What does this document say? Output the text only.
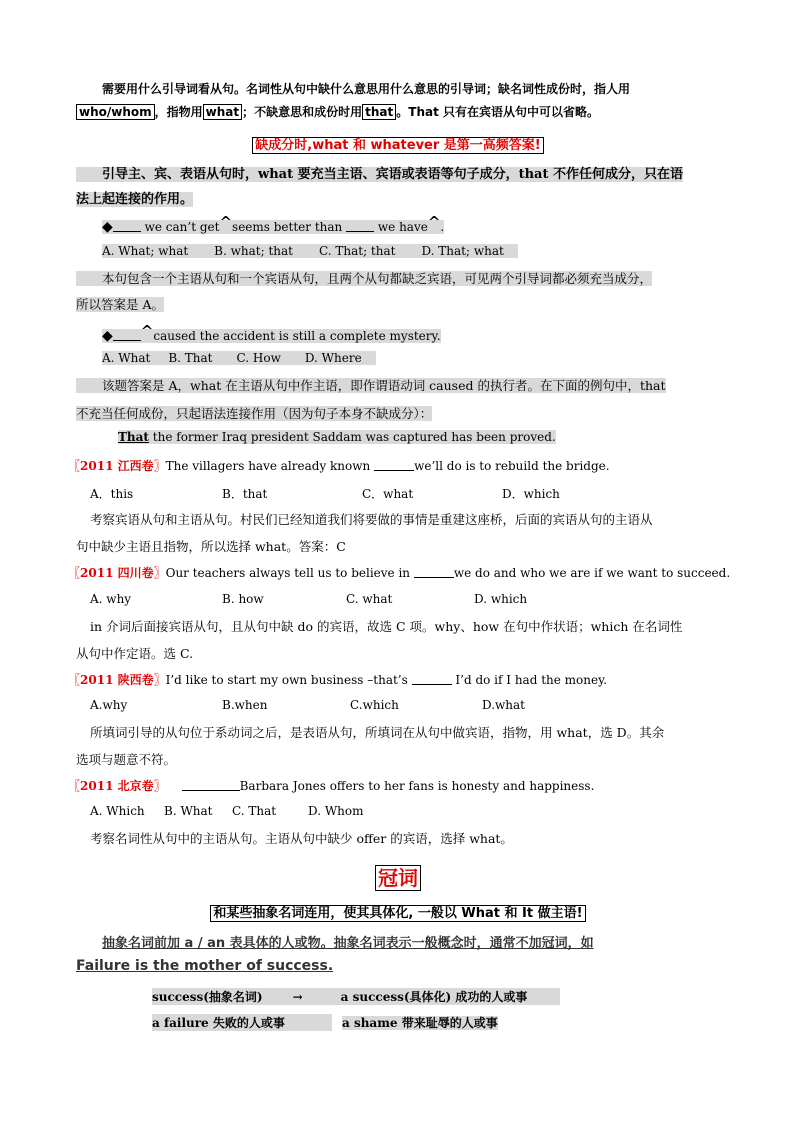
需要用什么引导词看从句。名词性从句中缺什么意思用什么意思的引导词；缺名词性成份时，指人用
who/whom ，指物用 what ；不缺意思和成份时用 that 。That 只有在宾语从句中可以省略。
缺成分时,what 和 whatever 是第一高频答案!
引导主、宾、表语从句时，what 要充当主语、宾语或表语等句子成分，that 不作任何成分，只在语
法上起连接的作用。
◆ we can’t get^seems better than  we have^.
A. What; what B. what; that C. That; that D. That; what
本句包含一个主语从句和一个宾语从句，且两个从句都缺乏宾语，可见两个引导词都必须充当成分，
所以答案是 A。
◆ ^caused the accident is still a complete mystery.
A. What B. That C. How D. Where
该题答案是 A，what 在主语从句中作主语，即作谓语动词 caused 的执行者。在下面的例句中，that
不充当任何成份，只起语法连接作用（因为句子本身不缺成分）：
That the former Iraq president Saddam was captured has been proved.
〖2011 江西卷〗The villagers have already known	we’ll do is to rebuild the bridge.
A．this	B．that	C．what	D．which
考察宾语从句和主语从句。村民们已经知道我们将要做的事情是重建这座桥，后面的宾语从句的主语从
句中缺少主语且指物，所以选择 what。答案：C
〖2011 四川卷〗Our teachers always tell us to believe in	we do and who we are if we want to succeed.
A. why	B. how	C. what	D. which
in 介词后面接宾语从句，且从句中缺 do 的宾语，故选 C 项。why、how 在句中作状语；which 在名词性
从句中作定语。选 C.
〖2011 陕西卷〗I’d like to start my own business –that’s	I’d do if I had the money.
A.why	B.when	C.which	D.what
所填词引导的从句位于系动词之后，是表语从句，所填词在从句中做宾语，指物，用 what，选 D。其余
选项与题意不符。
〖2011 北京卷〗	Barbara Jones offers to her fans is honesty and happiness.
A. Which B. What C. That	D. Whom
考察名词性从句中的主语从句。主语从句中缺少 offer 的宾语，选择 what。
冠词
和某些抽象名词连用，使其具体化, 一般以 What 和 It 做主语!
抽象名词前加 a / an 表具体的人或物。抽象名词表示一般概念时，通常不加冠词，如
Failure is the mother of success.
success(抽象名词)	→	a success(具体化) 成功的人或事
a failure 失败的人或事	a shame 带来耻辱的人或事
